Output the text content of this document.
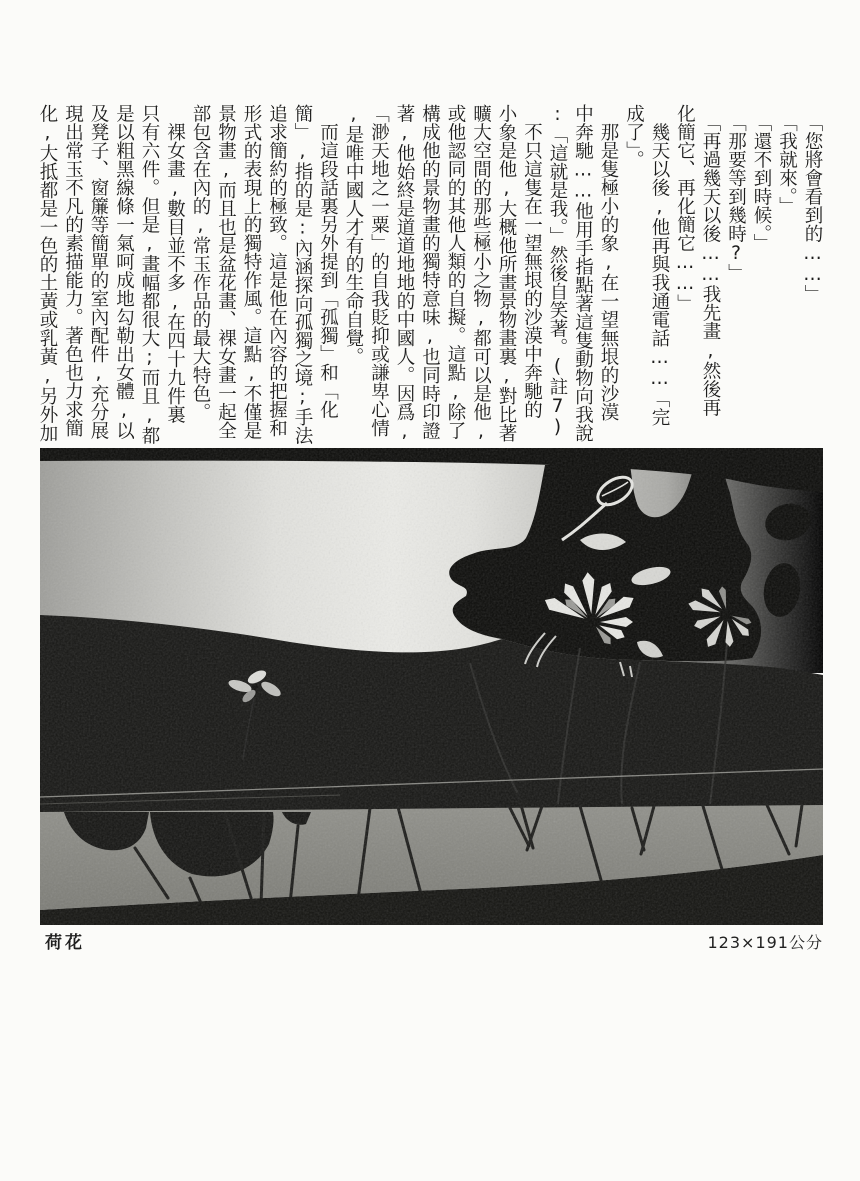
　「您將會看到的……」
　「我就來。」
　「還不到時候。」
　「那要等到幾時?」
　「再過幾天以後……我先畫,然後再
化簡它、再化簡它……」
　幾天以後,他再與我通電話……「完
成了」。
　那是隻極小的象,在一望無垠的沙漠
中奔馳……他用手指點著這隻動物向我說
:「這就是我。」然後自笑著。(註7)
　不只這隻在一望無垠的沙漠中奔馳的
小象是他,大概他所畫景物畫裏,對比著
曠大空間的那些極小之物,都可以是他,
或他認同的其他人類的自擬。這點,除了
構成他的景物畫的獨特意味,也同時印證
著,他始終是道道地地的中國人。因爲,
「渺天地之一粟」的自我貶抑或謙卑心情
,是唯中國人才有的生命自覺。
　而這段話裏另外提到「孤獨」和「化
簡」,指的是:內涵探向孤獨之境;手法
追求簡約的極致。這是他在內容的把握和
形式的表現上的獨特作風。這點,不僅是
景物畫,而且也是盆花畫、裸女畫一起全
部包含在內的,常玉作品的最大特色。
　裸女畫,數目並不多,在四十九件裏
只有六件。但是,畫幅都很大;而且,都
是以粗黑線條一氣呵成地勾勒出女體,以
及凳子、窗簾等簡單的室內配件,充分展
現出常玉不凡的素描能力。著色也力求簡
化,大抵都是一色的土黃或乳黃,另外加
荷花	123×191公分
